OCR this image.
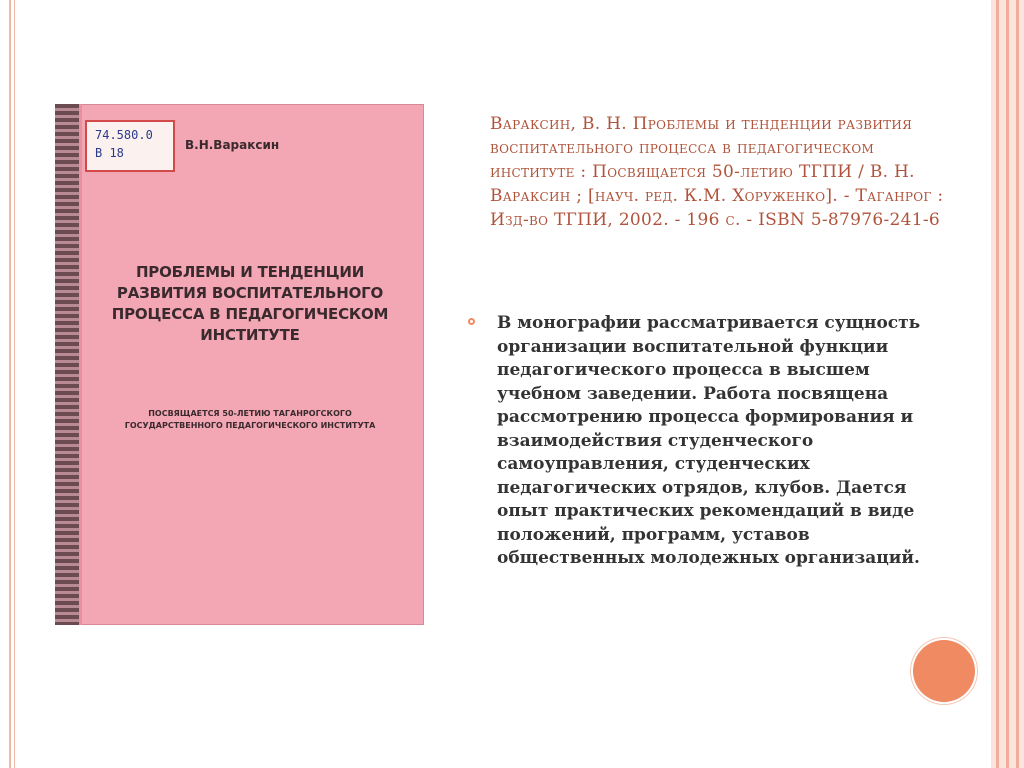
74.580.0
В 18
В.Н.Вараксин
ПРОБЛЕМЫ И ТЕНДЕНЦИИ РАЗВИТИЯ ВОСПИТАТЕЛЬНОГО ПРОЦЕССА В ПЕДАГОГИЧЕСКОМ ИНСТИТУТЕ
ПОСВЯЩАЕТСЯ 50-ЛЕТИЮ ТАГАНРОГСКОГО ГОСУДАРСТВЕННОГО ПЕДАГОГИЧЕСКОГО ИНСТИТУТА
Вараксин, В. Н. Проблемы и тенденции развития воспитательного процесса в педагогическом институте : Посвящается 50-летию ТГПИ / В. Н. Вараксин ; [науч. ред. К.М. Хоруженко]. - Таганрог : Изд-во ТГПИ, 2002. - 196 с. - ISBN 5-87976-241-6
В монографии рассматривается сущность организации воспитательной функции педагогического процесса в высшем учебном заведении. Работа посвящена рассмотрению процесса формирования и взаимодействия студенческого самоуправления, студенческих педагогических отрядов, клубов. Дается опыт практических рекомендаций в виде положений, программ, уставов общественных молодежных организаций.
